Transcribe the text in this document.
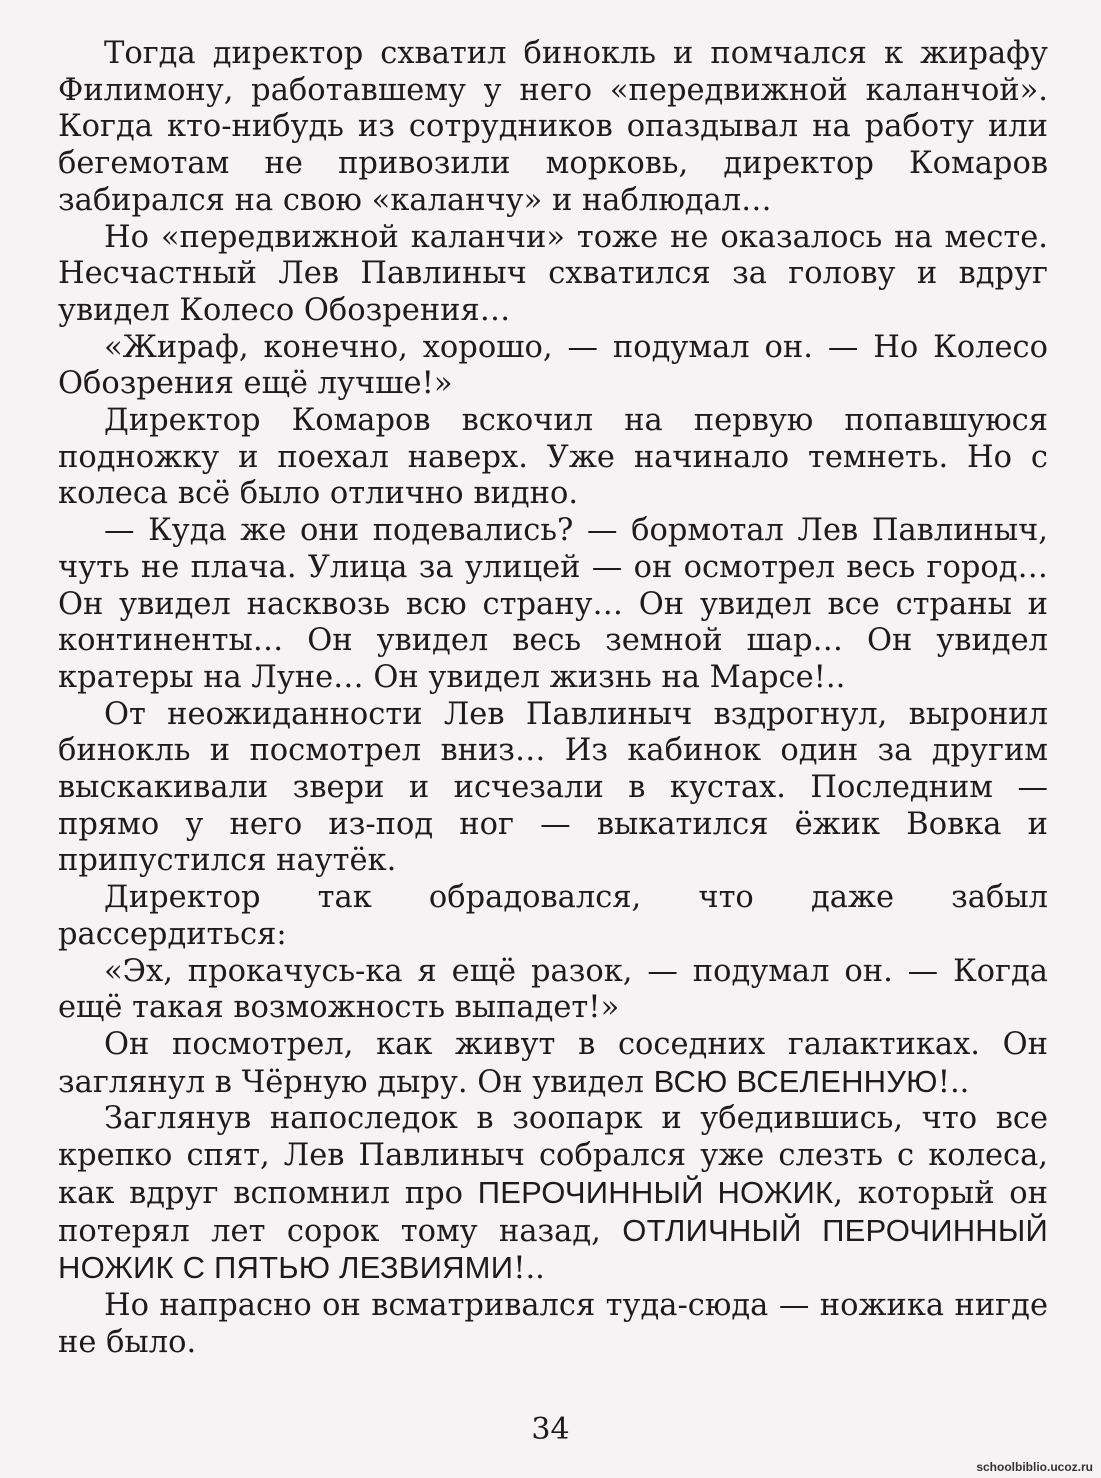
Тогда директор схватил бинокль и помчался к жирафу Филимону, работавшему у него «передвижной каланчой». Когда кто-нибудь из сотрудников опаздывал на работу или бегемотам не привозили морковь, директор Комаров забирался на свою «каланчу» и наблюдал…

Но «передвижной каланчи» тоже не оказалось на месте. Несчастный Лев Павлиныч схватился за голову и вдруг увидел Колесо Обозрения…

«Жираф, конечно, хорошо, — подумал он. — Но Колесо Обозрения ещё лучше!»

Директор Комаров вскочил на первую попавшуюся подножку и поехал наверх. Уже начинало темнеть. Но с колеса всё было отлично видно.

— Куда же они подевались? — бормотал Лев Павлиныч, чуть не плача. Улица за улицей — он осмотрел весь город… Он увидел насквозь всю страну… Он увидел все страны и континенты… Он увидел весь земной шар… Он увидел кратеры на Луне… Он увидел жизнь на Марсе!..

От неожиданности Лев Павлиныч вздрогнул, выронил бинокль и посмотрел вниз… Из кабинок один за другим выскакивали звери и исчезали в кустах. Последним — прямо у него из-под ног — выкатился ёжик Вовка и припустился наутёк.

Директор так обрадовался, что даже забыл рассердиться:

«Эх, прокачусь-ка я ещё разок, — подумал он. — Когда ещё такая возможность выпадет!»

Он посмотрел, как живут в соседних галактиках. Он заглянул в Чёрную дыру. Он увидел ВСЮ ВСЕЛЕННУЮ!..

Заглянув напоследок в зоопарк и убедившись, что все крепко спят, Лев Павлиныч собрался уже слезть с колеса, как вдруг вспомнил про ПЕРОЧИННЫЙ НОЖИК, который он потерял лет сорок тому назад, ОТЛИЧНЫЙ ПЕРОЧИННЫЙ НОЖИК С ПЯТЬЮ ЛЕЗВИЯМИ!..

Но напрасно он всматривался туда-сюда — ножика нигде не было.

34
schoolbiblio.ucoz.ru
